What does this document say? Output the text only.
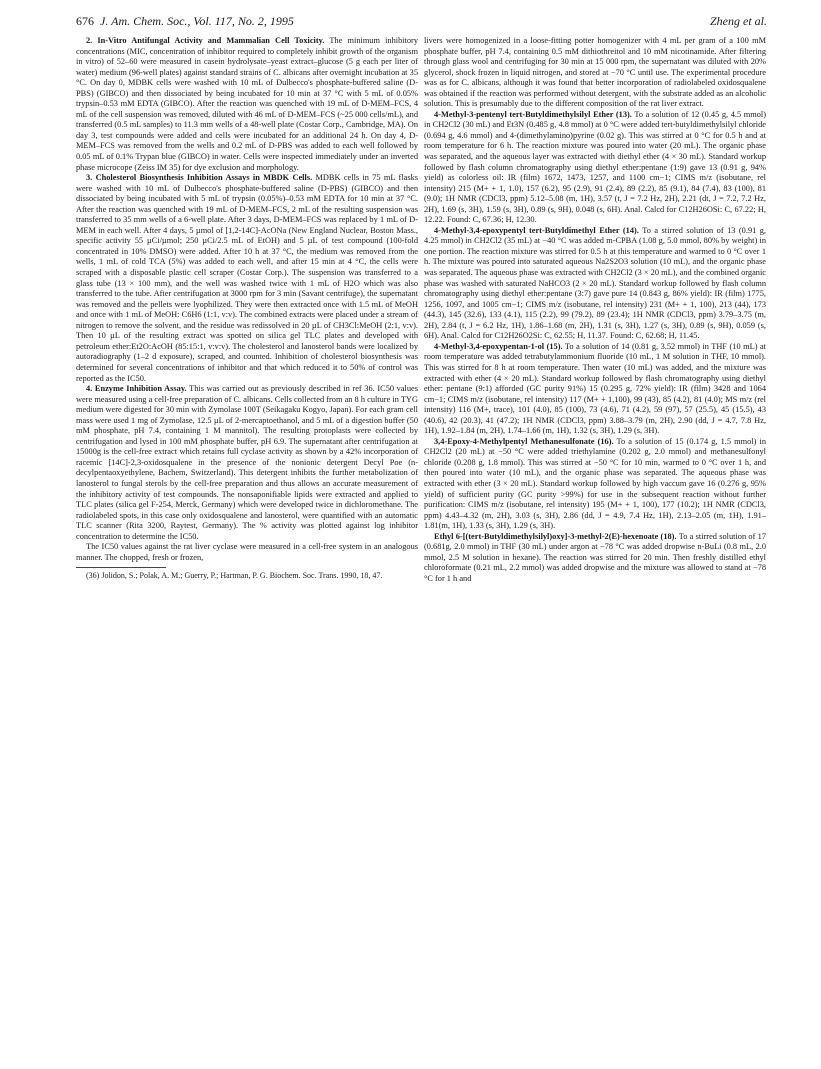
676 J. Am. Chem. Soc., Vol. 117, No. 2, 1995	Zheng et al.

2. In-Vitro Antifungal Activity and Mammalian Cell Toxicity. The minimum inhibitory concentrations (MIC, concentration of inhibitor required to completely inhibit growth of the organism in vitro) of 52–60 were measured in casein hydrolysate–yeast extract–glucose (5 g each per liter of water) medium (96-well plates) against standard strains of C. albicans after overnight incubation at 35 °C. On day 0, MDBK cells were washed with 10 mL of Dulbecco's phosphate-buffered saline (D-PBS) (GIBCO) and then dissociated by being incubated for 10 min at 37 °C with 5 mL of 0.05% trypsin–0.53 mM EDTA (GIBCO). After the reaction was quenched with 19 mL of D-MEM–FCS, 4 mL of the cell suspension was removed, diluted with 46 mL of D-MEM–FCS (~25 000 cells/mL), and transferred (0.5 mL samples) to 11.3 mm wells of a 48-well plate (Costar Corp., Cambridge, MA). On day 3, test compounds were added and cells were incubated for an additional 24 h. On day 4, D-MEM–FCS was removed from the wells and 0.2 mL of D-PBS was added to each well followed by 0.05 mL of 0.1% Trypan blue (GIBCO) in water. Cells were inspected immediately under an inverted phase microcope (Zeiss IM 35) for dye exclusion and morphology.

3. Cholesterol Biosynthesis Inhibition Assays in MBDK Cells. MDBK cells in 75 mL flasks were washed with 10 mL of Dulbecco's phosphate-buffered saline (D-PBS) (GIBCO) and then dissociated by being incubated with 5 mL of trypsin (0.05%)–0.53 mM EDTA for 10 min at 37 °C. After the reaction was quenched with 19 mL of D-MEM–FCS, 2 mL of the resulting suspension was transferred to 35 mm wells of a 6-well plate. After 3 days, D-MEM–FCS was replaced by 1 mL of D-MEM in each well. After 4 days, 5 µmol of [1,2-14C]-AcONa (New England Nuclear, Boston Mass., specific activity 55 µCi/µmol; 250 µCi/2.5 mL of EtOH) and 5 µL of test compound (100-fold concentrated in 10% DMSO) were added. After 10 h at 37 °C, the medium was removed from the wells, 1 mL of cold TCA (5%) was added to each well, and after 15 min at 4 °C, the cells were scraped with a disposable plastic cell scraper (Costar Corp.). The suspension was transferred to a glass tube (13 × 100 mm), and the well was washed twice with 1 mL of H2O which was also transferred to the tube. After centrifugation at 3000 rpm for 3 min (Savant centrifuge), the supernatant was removed and the pellets were lyophilized. They were then extracted once with 1.5 mL of MeOH and once with 1 mL of MeOH: C6H6 (1:1, v:v). The combined extracts were placed under a stream of nitrogen to remove the solvent, and the residue was redissolved in 20 µL of CH3Cl:MeOH (2:1, v:v). Then 10 µL of the resulting extract was spotted on silica gel TLC plates and developed with petroleum ether:Et2O:AcOH (85:15:1, v:v:v). The cholesterol and lanosterol bands were localized by autoradiography (1–2 d exposure), scraped, and counted. Inhibition of cholesterol biosynthesis was determined for several concentrations of inhibitor and that which reduced it to 50% of control was reported as the IC50.

4. Enzyme Inhibition Assay. This was carried out as previously described in ref 36. IC50 values were measured using a cell-free preparation of C. albicans. Cells collected from an 8 h culture in TYG medium were digested for 30 min with Zymolase 100T (Seikagaku Kogyo, Japan). For each gram cell mass were used 1 mg of Zymolase, 12.5 µL of 2-mercaptoethanol, and 5 mL of a digestion buffer (50 mM phosphate, pH 7.4, containing 1 M mannitol). The resulting protoplasts were collected by centrifugation and lysed in 100 mM phosphate buffer, pH 6.9. The supernatant after centrifugation at 15000g is the cell-free extract which retains full cyclase activity as shown by a 42% incorporation of racemic [14C]-2,3-oxidosqualene in the presence of the nonionic detergent Decyl Poe (n-decylpentaoxyethylene, Bachem, Switzerland). This detergent inhibits the further metabolization of lanosterol to fungal sterols by the cell-free preparation and thus allows an accurate measurement of the inhibitory activity of test compounds. The nonsaponifiable lipids were extracted and applied to TLC plates (silica gel F-254, Merck, Germany) which were developed twice in dichloromethane. The radiolabeled spots, in this case only oxidosqualene and lanosterol, were quantified with an automatic TLC scanner (Rita 3200, Raytest, Germany). The % activity was plotted against log inhibitor concentration to determine the IC50.

The IC50 values against the rat liver cyclase were measured in a cell-free system in an analogous manner. The chopped, fresh or frozen,

(36) Jolidon, S.; Polak, A. M.; Guerry, P.; Hartman, P. G. Biochem. Soc. Trans. 1990, 18, 47.

livers were homogenized in a loose-fitting potter homogenizer with 4 mL per gram of a 100 mM phosphate buffer, pH 7.4, containing 0.5 mM dithiothreitol and 10 mM nicotinamide. After filtering through glass wool and centrifuging for 30 min at 15 000 rpm, the supernatant was diluted with 20% glycerol, shock frozen in liquid nitrogen, and stored at −70 °C until use. The experimental procedure was as for C. albicans, although it was found that better incorporation of radiolabeled oxidosqualene was obtained if the reaction was performed without detergent, with the substrate added as an alcoholic solution. This is presumably due to the different composition of the rat liver extract.

4-Methyl-3-pentenyl tert-Butyldimethylsilyl Ether (13). To a solution of 12 (0.45 g, 4.5 mmol) in CH2Cl2 (30 mL) and Et3N (0.485 g, 4.8 mmol) at 0 °C were added tert-butyldimethylsilyl chloride (0.694 g, 4.6 mmol) and 4-(dimethylamino)pyrine (0.02 g). This was stirred at 0 °C for 0.5 h and at room temperature for 6 h. The reaction mixture was poured into water (20 mL). The organic phase was separated, and the aqueous layer was extracted with diethyl ether (4 × 30 mL). Standard workup followed by flash column chromatography using diethyl ether:pentane (1:9) gave 13 (0.91 g, 94% yield) as colorless oil: IR (film) 1672, 1473, 1257, and 1100 cm−1; CIMS m/z (isobutane, rel intensity) 215 (M+ + 1, 1.0), 157 (6.2), 95 (2.9), 91 (2.4), 89 (2.2), 85 (9.1), 84 (7.4), 83 (100), 81 (9.0); 1H NMR (CDCl3, ppm) 5.12–5.08 (m, 1H), 3.57 (t, J = 7.2 Hz, 2H), 2.21 (dt, J = 7.2, 7.2 Hz, 2H), 1.69 (s, 3H), 1.59 (s, 3H), 0.89 (s, 9H), 0.048 (s, 6H). Anal. Calcd for C12H26OSi: C, 67.22; H, 12.22. Found: C, 67.36; H, 12.30.

4-Methyl-3,4-epoxypentyl tert-Butyldimethyl Ether (14). To a stirred solution of 13 (0.91 g, 4.25 mmol) in CH2Cl2 (35 mL) at −40 °C was added m-CPBA (1.08 g, 5.0 mmol, 80% by weight) in one portion. The reaction mixture was stirred for 0.5 h at this temperature and warmed to 0 °C over 1 h. The mixture was poured into saturated aqueous Na2S2O3 solution (10 mL), and the organic phase was separated. The aqueous phase was extracted with CH2Cl2 (3 × 20 mL), and the combined organic phase was washed with saturated NaHCO3 (2 × 20 mL). Standard workup followed by flash column chromatography using diethyl ether:pentane (3:7) gave pure 14 (0.843 g, 86% yield): IR (film) 1775, 1256, 1097, and 1005 cm−1; CIMS m/z (isobutane, rel intensity) 231 (M+ + 1, 100), 213 (44), 173 (44.3), 145 (32.6), 133 (4.1), 115 (2.2), 99 (79.2), 89 (23.4); 1H NMR (CDCl3, ppm) 3.79–3.75 (m, 2H), 2.84 (t, J = 6.2 Hz, 1H), 1.86–1.68 (m, 2H), 1.31 (s, 3H), 1.27 (s, 3H), 0.89 (s, 9H), 0.059 (s, 6H). Anal. Calcd for C12H26O2Si: C, 62.55; H, 11.37. Found: C, 62.68; H, 11.45.

4-Methyl-3,4-epoxypentan-1-ol (15). To a solution of 14 (0.81 g, 3.52 mmol) in THF (10 mL) at room temperature was added tetrabutylammonium fluoride (10 mL, 1 M solution in THF, 10 mmol). This was stirred for 8 h at room temperature. Then water (10 mL) was added, and the mixture was extracted with ether (4 × 20 mL). Standard workup followed by flash chromatography using diethyl ether: pentane (9:1) afforded (GC purity 91%) 15 (0.295 g, 72% yield): IR (film) 3428 and 1064 cm−1; CIMS m/z (isobutane, rel intensity) 117 (M+ + 1,100), 99 (43), 85 (4.2), 81 (4.0); MS m/z (rel intensity) 116 (M+, trace), 101 (4.0), 85 (100), 73 (4.6), 71 (4.2), 59 (97), 57 (25.5), 45 (15.5), 43 (40.6), 42 (20.3), 41 (47.2); 1H NMR (CDCl3, ppm) 3.88–3.79 (m, 2H), 2.90 (dd, J = 4.7, 7.8 Hz, 1H), 1.92–1.84 (m, 2H), 1.74–1.66 (m, 1H), 1.32 (s, 3H), 1.29 (s, 3H).

3,4-Epoxy-4-Methylpentyl Methanesulfonate (16). To a solution of 15 (0.174 g, 1.5 mmol) in CH2Cl2 (20 mL) at −50 °C were added triethylamine (0.202 g, 2.0 mmol) and methanesulfonyl chloride (0.208 g, 1.8 mmol). This was stirred at −50 °C for 10 min, warmed to 0 °C over 1 h, and then poured into water (10 mL), and the organic phase was separated. The aqueous phase was extracted with ether (3 × 20 mL). Standard workup followed by high vaccum gave 16 (0.276 g, 95% yield) of sufficient purity (GC purity >99%) for use in the subsequent reaction without further purification: CIMS m/z (isobutane, rel intensity) 195 (M+ + 1, 100), 177 (10.2); 1H NMR (CDCl3, ppm) 4.43–4.32 (m, 2H), 3.03 (s, 3H), 2.86 (dd, J = 4.9, 7.4 Hz, 1H), 2.13–2.05 (m, 1H), 1.91–1.81(m, 1H), 1.33 (s, 3H), 1.29 (s, 3H).

Ethyl 6-[(tert-Butyldimethylsilyl)oxy]-3-methyl-2(E)-hexenoate (18). To a stirred solution of 17 (0.681g, 2.0 mmol) in THF (30 mL) under argon at −78 °C was added dropwise n-BuLi (0.8 mL, 2.0 mmol, 2.5 M solution in hexane). The reaction was stirred for 20 min. Then freshly distilled ethyl chloroformate (0.21 mL, 2.2 mmol) was added dropwise and the mixture was allowed to stand at −78 °C for 1 h and
